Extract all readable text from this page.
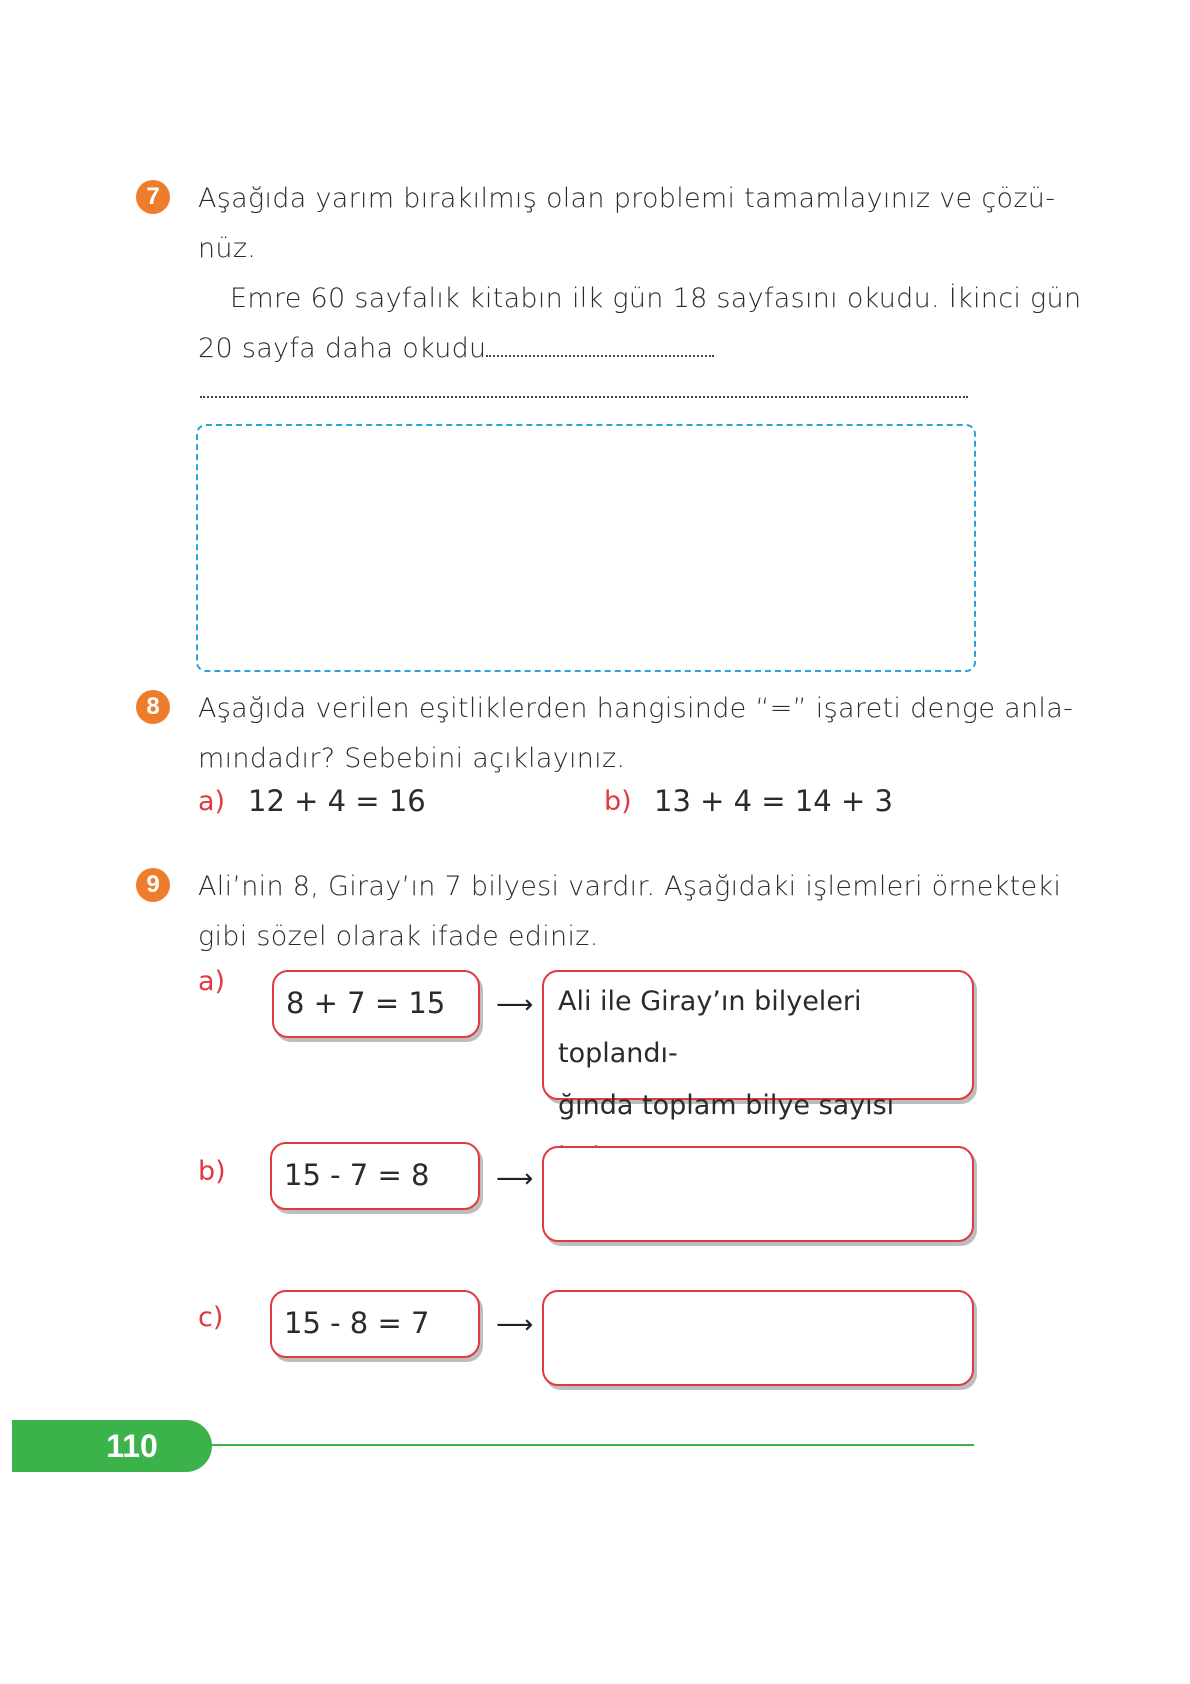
7	Aşağıda yarım bırakılmış olan problemi tamamlayınız ve çözü-
nüz.
Emre 60 sayfalık kitabın ilk gün 18 sayfasını okudu. İkinci gün
20 sayfa daha okudu
8	Aşağıda verilen eşitliklerden hangisinde “=” işareti denge anla-
mındadır? Sebebini açıklayınız.
a) 12 + 4 = 16	b) 13 + 4 = 14 + 3
9	Ali’nin 8, Giray’ın 7 bilyesi vardır. Aşağıdaki işlemleri örnekteki
gibi sözel olarak ifade ediniz.
a)
8 + 7 = 15 ⟶ Ali ile Giray’ın bilyeleri toplandı-
ğında toplam bilye sayısı
b) 15 - 7 = 8	⟶
c) 15 - 8 = 7	⟶
110
